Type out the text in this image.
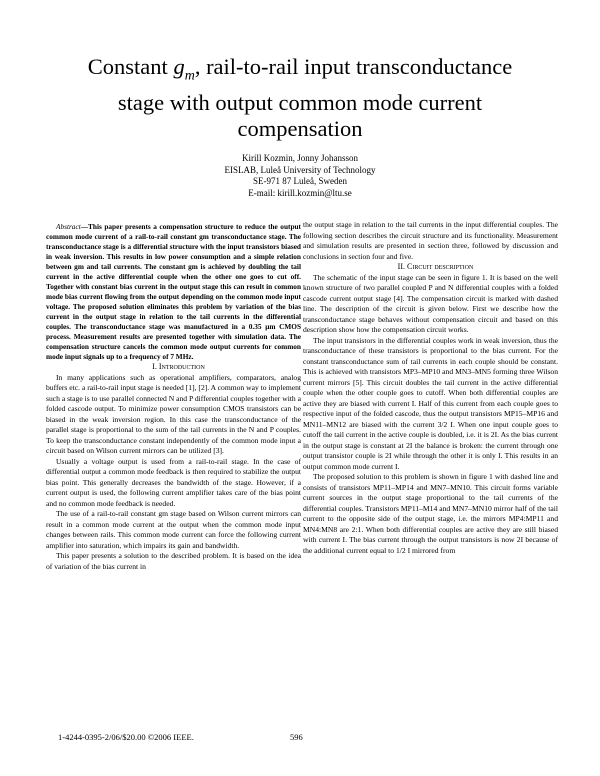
Constant $g_m$, rail-to-rail input transconductance
stage with output common mode current
compensation
Kirill Kozmin, Jonny Johansson
EISLAB, Luleå University of Technology
SE-971 87 Luleå, Sweden
E-mail: kirill.kozmin@ltu.se

Abstract—This paper presents a compensation structure to reduce the output common mode current of a rail-to-rail constant gm transconductance stage. The transconductance stage is a differential structure with the input transistors biased in weak inversion. This results in low power consumption and a simple relation between gm and tail currents. The constant gm is achieved by doubling the tail current in the active differential couple when the other one goes to cut off. Together with constant bias current in the output stage this can result in common mode bias current flowing from the output depending on the common mode input voltage. The proposed solution eliminates this problem by variation of the bias current in the output stage in relation to the tail currents in the differential couples. The transconductance stage was manufactured in a 0.35 μm CMOS process. Measurement results are presented together with simulation data. The compensation structure cancels the common mode output currents for common mode input signals up to a frequency of 7 MHz.

I. Introduction

In many applications such as operational amplifiers, comparators, analog buffers etc. a rail-to-rail input stage is needed [1], [2]. A common way to implement such a stage is to use parallel connected N and P differential couples together with a folded cascode output. To minimize power consumption CMOS transistors can be biased in the weak inversion region. In this case the transconductance of the parallel stage is proportional to the sum of the tail currents in the N and P couples. To keep the transconductance constant independently of the common mode input a circuit based on Wilson current mirrors can be utilized [3].

Usually a voltage output is used from a rail-to-rail stage. In the case of differential output a common mode feedback is then required to stabilize the output bias point. This generally decreases the bandwidth of the stage. However, if a current output is used, the following current amplifier takes care of the bias point and no common mode feedback is needed.

The use of a rail-to-rail constant gm stage based on Wilson current mirrors can result in a common mode current at the output when the common mode input changes between rails. This common mode current can force the following current amplifier into saturation, which impairs its gain and bandwidth.

This paper presents a solution to the described problem. It is based on the idea of variation of the bias current in

the output stage in relation to the tail currents in the input differential couples. The following section describes the circuit structure and its functionality. Measurement and simulation results are presented in section three, followed by discussion and conclusions in section four and five.

II. Circuit description

The schematic of the input stage can be seen in figure 1. It is based on the well known structure of two parallel coupled P and N differential couples with a folded cascode current output stage [4]. The compensation circuit is marked with dashed line. The description of the circuit is given below. First we describe how the transconductance stage behaves without compensation circuit and based on this description show how the compensation circuit works.

The input transistors in the differential couples work in weak inversion, thus the transconductance of these transistors is proportional to the bias current. For the constant transconductance sum of tail currents in each couple should be constant. This is achieved with transistors MP3–MP10 and MN3–MN5 forming three Wilson current mirrors [5]. This circuit doubles the tail current in the active differential couple when the other couple goes to cutoff. When both differential couples are active they are biased with current I. Half of this current from each couple goes to respective input of the folded cascode, thus the output transistors MP15–MP16 and MN11–MN12 are biased with the current 3/2 I. When one input couple goes to cutoff the tail current in the active couple is doubled, i.e. it is 2I. As the bias current in the output stage is constant at 2I the balance is broken: the current through one output transistor couple is 2I while through the other it is only I. This results in an output common mode current I.

The proposed solution to this problem is shown in figure 1 with dashed line and consists of transistors MP11–MP14 and MN7–MN10. This circuit forms variable current sources in the output stage proportional to the tail currents of the differential couples. Transistors MP11–M14 and MN7–MN10 mirror half of the tail current to the opposite side of the output stage, i.e. the mirrors MP4:MP11 and MN4:MN8 are 2:1. When both differential couples are active they are still biased with current I. The bias current through the output transistors is now 2I because of the additional current equal to 1/2 I mirrored from

1-4244-0395-2/06/$20.00 ©2006 IEEE.	596
